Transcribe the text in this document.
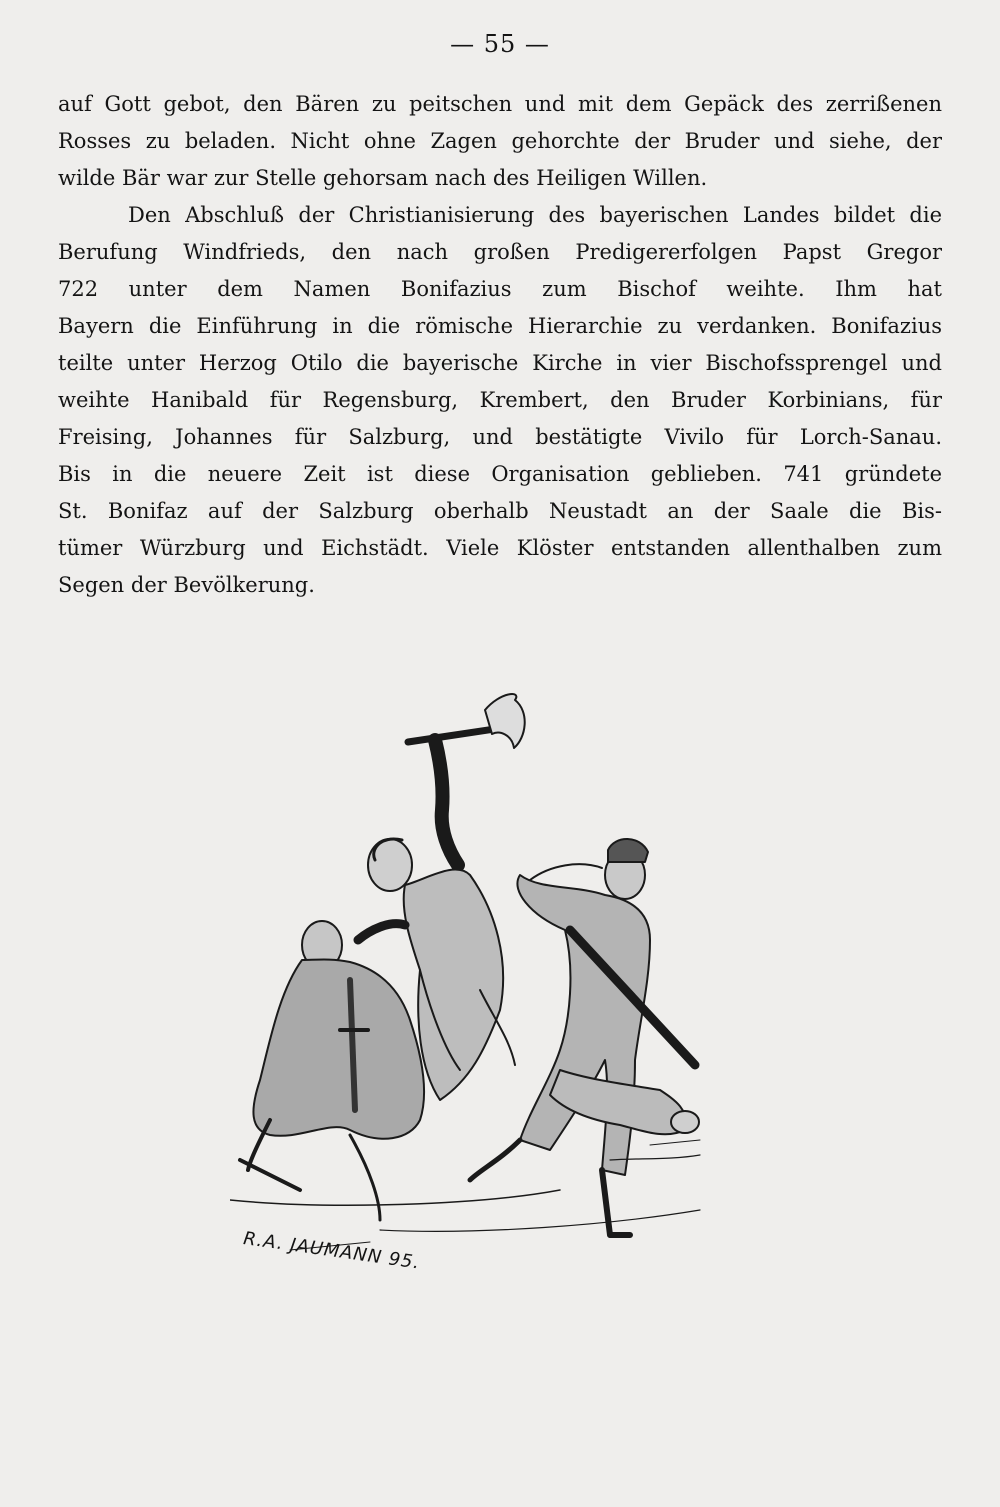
— 55 —
auf Gott gebot, den Bären zu peitschen und mit dem Gepäck des zerrißenen
Rosses zu beladen. Nicht ohne Zagen gehorchte der Bruder und siehe, der
wilde Bär war zur Stelle gehorsam nach des Heiligen Willen.
Den Abschluß der Christianisierung des bayerischen Landes bildet die
Berufung Windfrieds, den nach großen Predigererfolgen Papst Gregor
722 unter dem Namen Bonifazius zum Bischof weihte. Ihm hat
Bayern die Einführung in die römische Hierarchie zu verdanken. Bonifazius
teilte unter Herzog Otilo die bayerische Kirche in vier Bischofssprengel und
weihte Hanibald für Regensburg, Krembert, den Bruder Korbinians, für
Freising, Johannes für Salzburg, und bestätigte Vivilo für Lorch-Sanau.
Bis in die neuere Zeit ist diese Organisation geblieben. 741 gründete
St. Bonifaz auf der Salzburg oberhalb Neustadt an der Saale die Bis-
tümer Würzburg und Eichstädt. Viele Klöster entstanden allenthalben zum
Segen der Bevölkerung.
R.A. JAUMANN 95.
